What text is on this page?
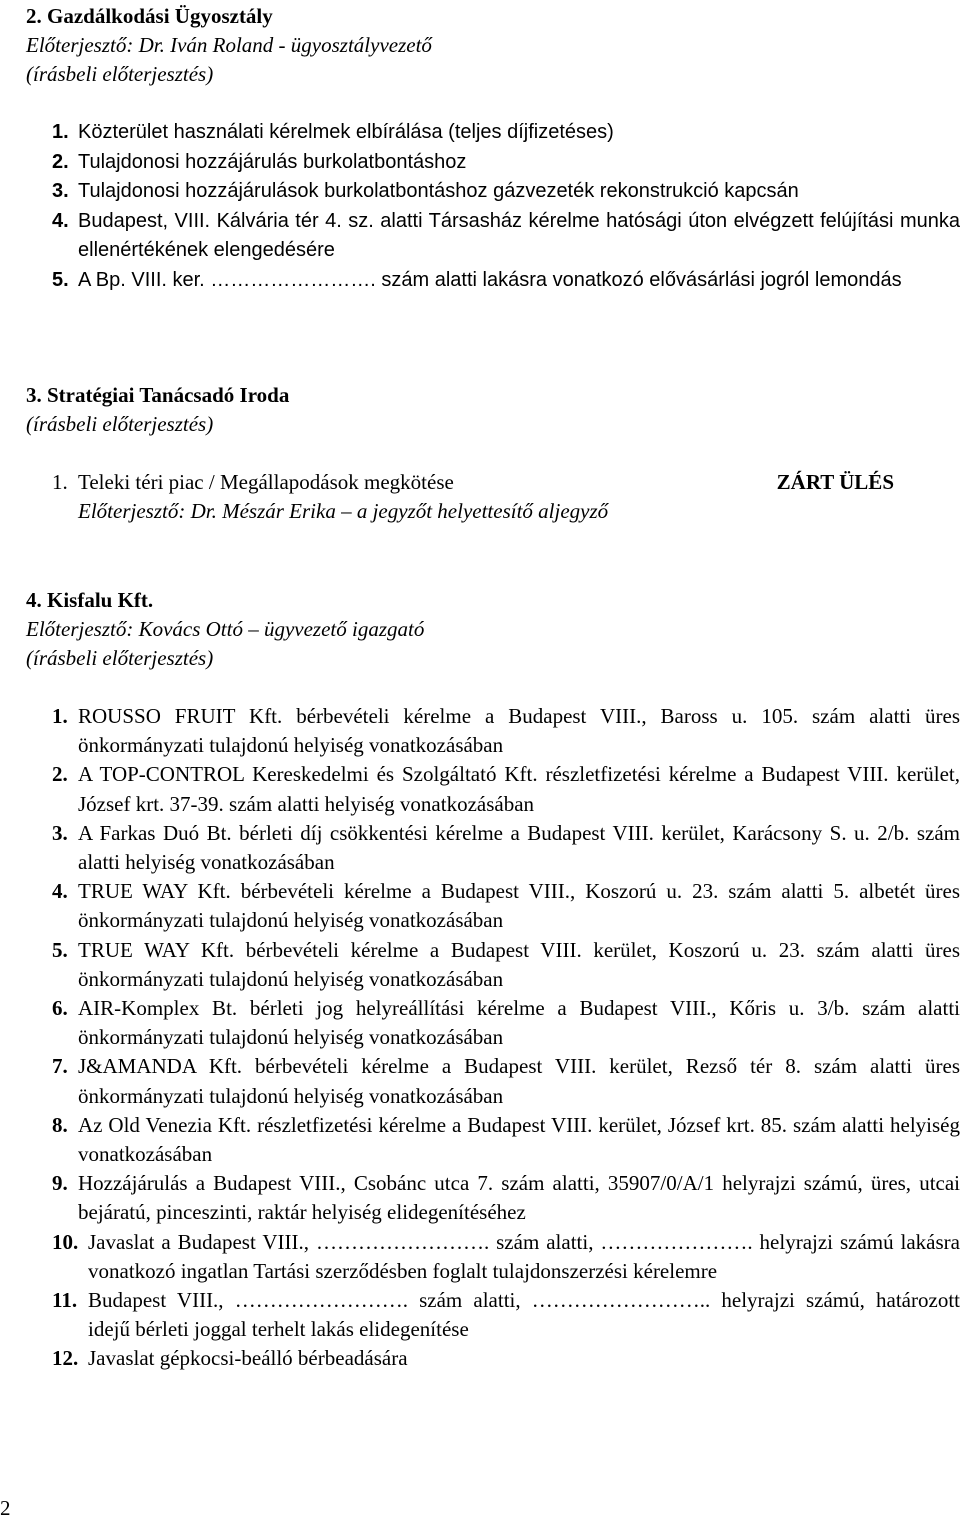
2. Gazdálkodási Ügyosztály
Előterjesztő: Dr. Iván Roland - ügyosztályvezető
(írásbeli előterjesztés)
1. Közterület használati kérelmek elbírálása (teljes díjfizetéses)
2. Tulajdonosi hozzájárulás burkolatbontáshoz
3. Tulajdonosi hozzájárulások burkolatbontáshoz gázvezeték rekonstrukció kapcsán
4. Budapest, VIII. Kálvária tér 4. sz. alatti Társasház kérelme hatósági úton elvégzett felújítási munka ellenértékének elengedésére
5. A Bp. VIII. ker. ……………………. szám alatti lakásra vonatkozó elővásárlási jogról lemondás
3. Stratégiai Tanácsadó Iroda
(írásbeli előterjesztés)
1. Teleki téri piac / Megállapodások megkötése	ZÁRT ÜLÉS
Előterjesztő: Dr. Mészár Erika – a jegyzőt helyettesítő aljegyző
4. Kisfalu Kft.
Előterjesztő: Kovács Ottó – ügyvezető igazgató
(írásbeli előterjesztés)
1. ROUSSO FRUIT Kft. bérbevételi kérelme a Budapest VIII., Baross u. 105. szám alatti üres önkormányzati tulajdonú helyiség vonatkozásában
2. A TOP-CONTROL Kereskedelmi és Szolgáltató Kft. részletfizetési kérelme a Budapest VIII. kerület, József krt. 37-39. szám alatti helyiség vonatkozásában
3. A Farkas Duó Bt. bérleti díj csökkentési kérelme a Budapest VIII. kerület, Karácsony S. u. 2/b. szám alatti helyiség vonatkozásában
4. TRUE WAY Kft. bérbevételi kérelme a Budapest VIII., Koszorú u. 23. szám alatti 5. albetét üres önkormányzati tulajdonú helyiség vonatkozásában
5. TRUE WAY Kft. bérbevételi kérelme a Budapest VIII. kerület, Koszorú u. 23. szám alatti üres önkormányzati tulajdonú helyiség vonatkozásában
6. AIR-Komplex Bt. bérleti jog helyreállítási kérelme a Budapest VIII., Kőris u. 3/b. szám alatti önkormányzati tulajdonú helyiség vonatkozásában
7. J&AMANDA Kft. bérbevételi kérelme a Budapest VIII. kerület, Rezső tér 8. szám alatti üres önkormányzati tulajdonú helyiség vonatkozásában
8. Az Old Venezia Kft. részletfizetési kérelme a Budapest VIII. kerület, József krt. 85. szám alatti helyiség vonatkozásában
9. Hozzájárulás a Budapest VIII., Csobánc utca 7. szám alatti, 35907/0/A/1 helyrajzi számú, üres, utcai bejáratú, pinceszinti, raktár helyiség elidegenítéséhez
10. Javaslat a Budapest VIII., ……………………. szám alatti, …………………. helyrajzi számú lakásra vonatkozó ingatlan Tartási szerződésben foglalt tulajdonszerzési kérelemre
11. Budapest VIII., ……………………. szám alatti, …………………….. helyrajzi számú, határozott idejű bérleti joggal terhelt lakás elidegenítése
12. Javaslat gépkocsi-beálló bérbeadására
2
